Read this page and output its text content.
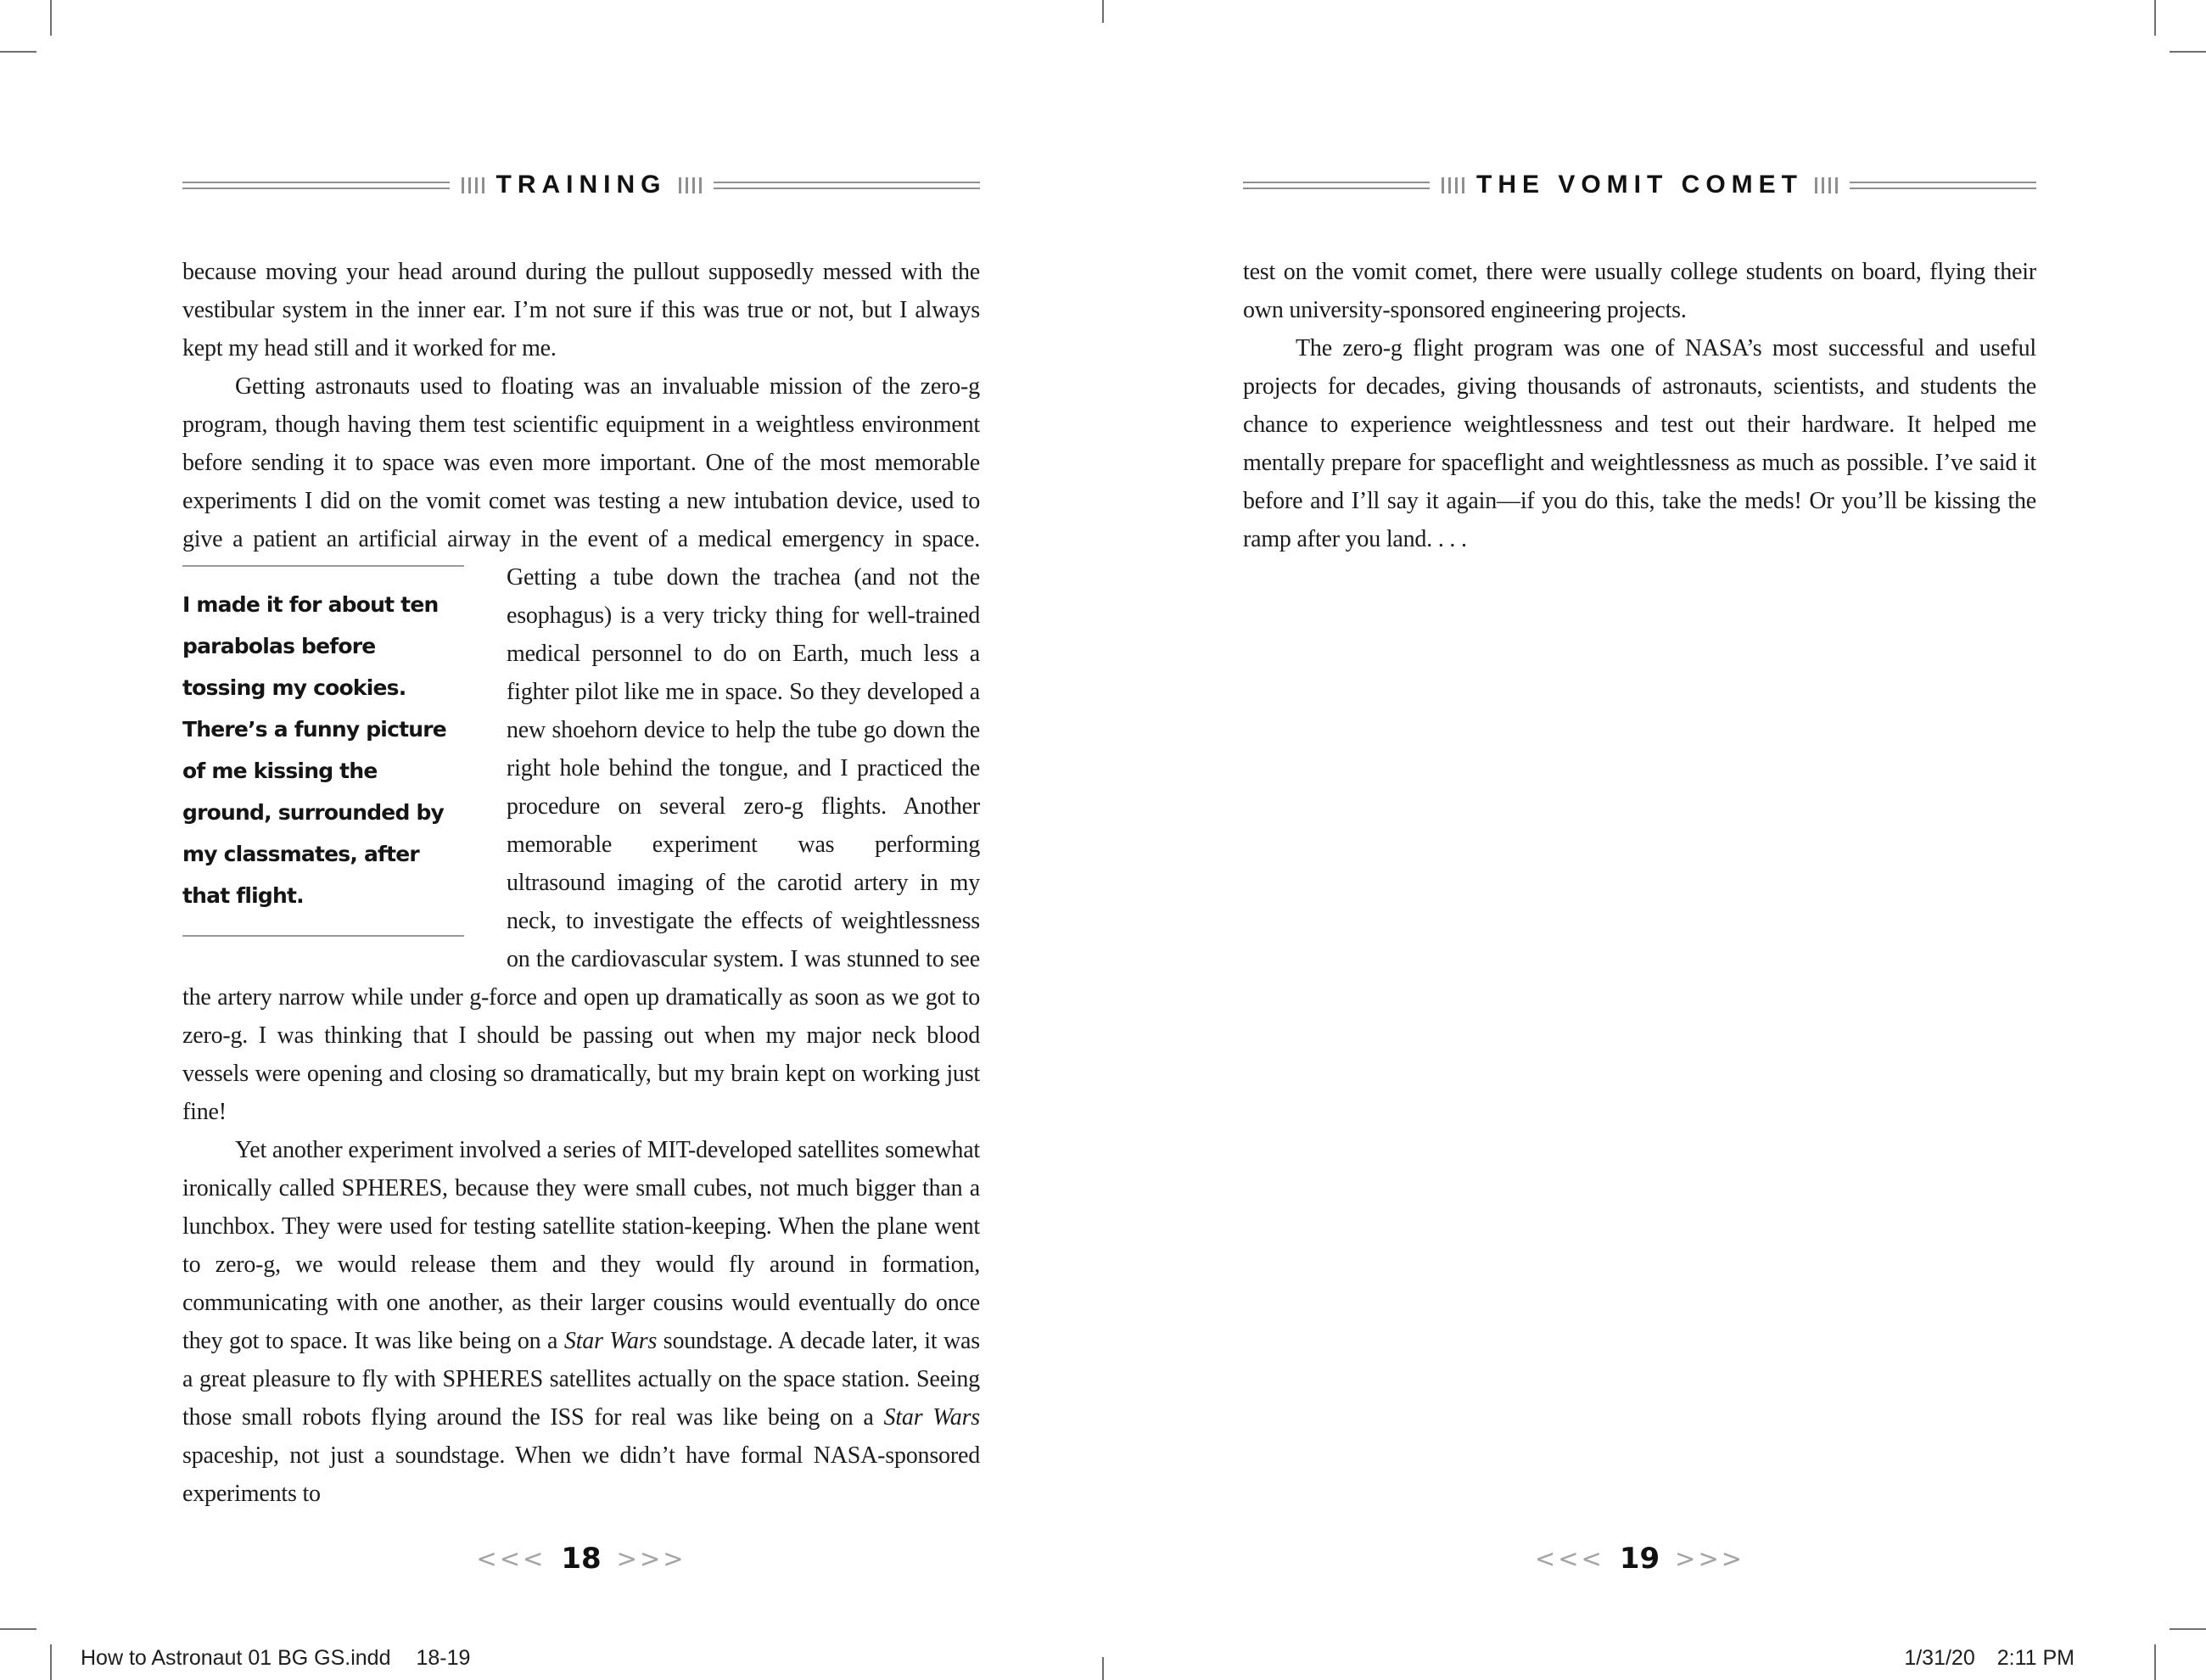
TRAINING

because moving your head around during the pullout supposedly messed with the vestibular system in the inner ear. I’m not sure if this was true or not, but I always kept my head still and it worked for me.

Getting astronauts used to floating was an invaluable mission of the zero-g program, though having them test scientific equipment in a weightless environment before sending it to space was even more important. One of the most memorable experiments I did on the vomit comet was testing a new intubation device, used to give a patient an artificial airway in the event of a medical emergency in space. Getting a tube down the trachea (and not
I made it for about ten parabolas before tossing my cookies. There’s a funny picture of me kissing the ground, surrounded by my classmates, after that flight.
the esophagus) is a very tricky thing for well-trained medical personnel to do on Earth, much less a fighter pilot like me in space. So they developed a new shoehorn device to help the tube go down the right hole behind the tongue, and I practiced the procedure on several zero-g flights. Another memorable experiment was performing ultrasound imaging of the carotid artery in my neck, to investigate the effects of weightlessness on the cardiovascular system. I was stunned to see the artery narrow while under g-force and open up dramatically as soon as we got to zero-g. I was thinking that I should be passing out when my major neck blood vessels were opening and closing so dramatically, but my brain kept on working just fine!

Yet another experiment involved a series of MIT-developed satellites somewhat ironically called SPHERES, because they were small cubes, not much bigger than a lunchbox. They were used for testing satellite station-keeping. When the plane went to zero-g, we would release them and they would fly around in formation, communicating with one another, as their larger cousins would eventually do once they got to space. It was like being on a Star Wars soundstage. A decade later, it was a great pleasure to fly with SPHERES satellites actually on the space station. Seeing those small robots flying around the ISS for real was like being on a Star Wars spaceship, not just a soundstage. When we didn’t have formal NASA-sponsored experiments to

<<< 18 >>>
THE VOMIT COMET

test on the vomit comet, there were usually college students on board, flying their own university-sponsored engineering projects.

The zero-g flight program was one of NASA’s most successful and useful projects for decades, giving thousands of astronauts, scientists, and students the chance to experience weightlessness and test out their hardware. It helped me mentally prepare for spaceflight and weightlessness as much as possible. I’ve said it before and I’ll say it again—if you do this, take the meds! Or you’ll be kissing the ramp after you land. . . .

<<< 19 >>>
How to Astronaut 01 BG GS.indd 18-19	1/31/20 2:11 PM
